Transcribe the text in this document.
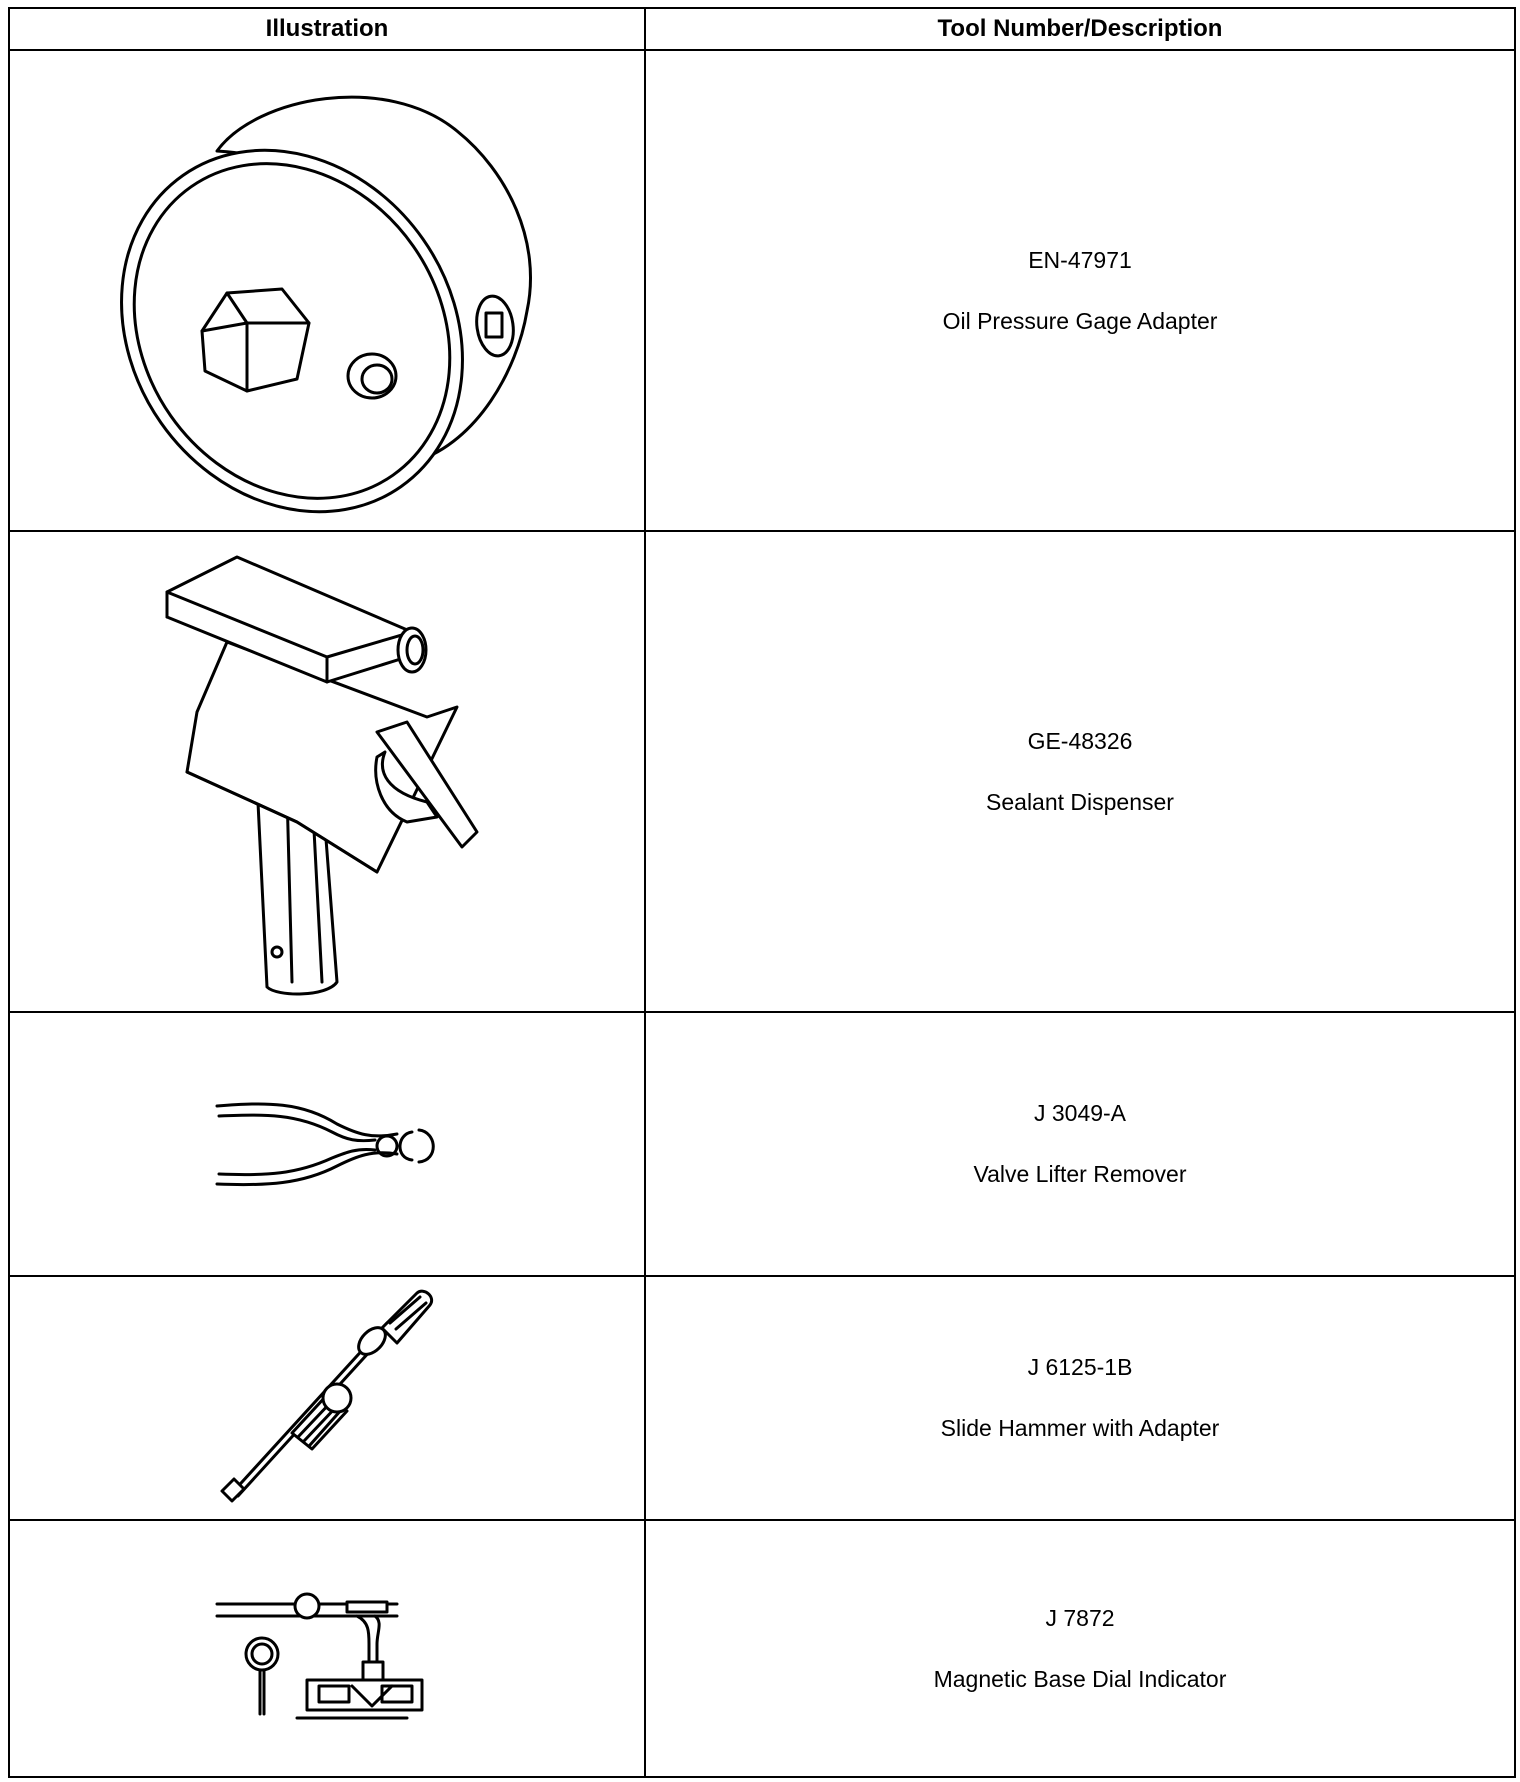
Illustration	Tool Number/Description

EN-47971
Oil Pressure Gage Adapter

GE-48326
Sealant Dispenser

J 3049-A
Valve Lifter Remover

J 6125-1B
Slide Hammer with Adapter

J 7872
Magnetic Base Dial Indicator
